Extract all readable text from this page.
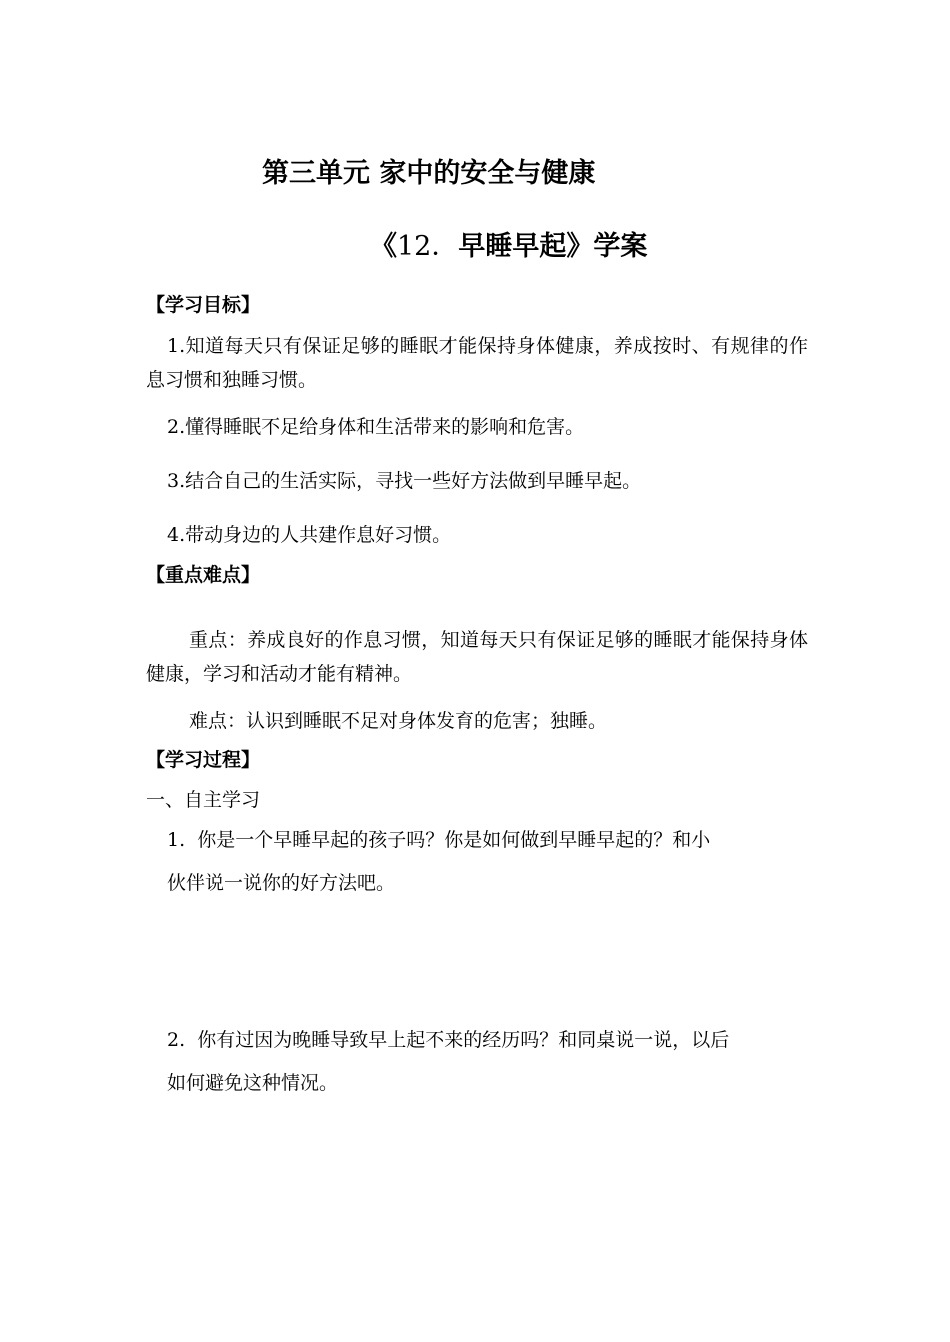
第三单元 家中的安全与健康
《12．早睡早起》学案
【学习目标】
1.知道每天只有保证足够的睡眠才能保持身体健康，养成按时、有规律的作息习惯和独睡习惯。
2.懂得睡眠不足给身体和生活带来的影响和危害。
3.结合自己的生活实际，寻找一些好方法做到早睡早起。
4.带动身边的人共建作息好习惯。
【重点难点】
重点：养成良好的作息习惯，知道每天只有保证足够的睡眠才能保持身体健康，学习和活动才能有精神。
难点：认识到睡眠不足对身体发育的危害；独睡。
【学习过程】
一、自主学习
1.  你是一个早睡早起的孩子吗？你是如何做到早睡早起的？和小
伙伴说一说你的好方法吧。
2.  你有过因为晚睡导致早上起不来的经历吗？和同桌说一说，以后
如何避免这种情况。
